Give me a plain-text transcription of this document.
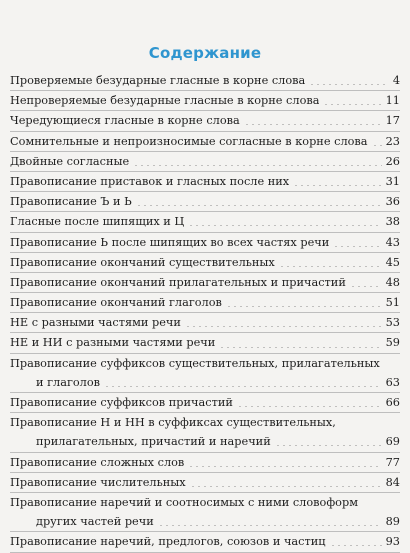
Содержание
Проверяемые безударные гласные в корне слова	4
Непроверяемые безударные гласные в корне слова	11
Чередующиеся гласные в корне слова	17
Сомнительные и непроизносимые согласные в корне слова 23
Двойные согласные	26
Правописание приставок и гласных после них	31
Правописание Ъ и Ь	36
Гласные после шипящих и Ц	38
Правописание Ь после шипящих во всех частях речи	43
Правописание окончаний существительных	45
Правописание окончаний прилагательных и причастий	48
Правописание окончаний глаголов	51
НЕ с разными частями речи	53
НЕ и НИ с разными частями речи	59
Правописание суффиксов существительных, прилагательных
и глаголов	63
Правописание суффиксов причастий	66
Правописание Н и НН в суффиксах существительных,
прилагательных, причастий и наречий	69
Правописание сложных слов	77
Правописание числительных	84
Правописание наречий и соотносимых с ними словоформ
других частей речи	89
Правописание наречий, предлогов, союзов и частиц	93
